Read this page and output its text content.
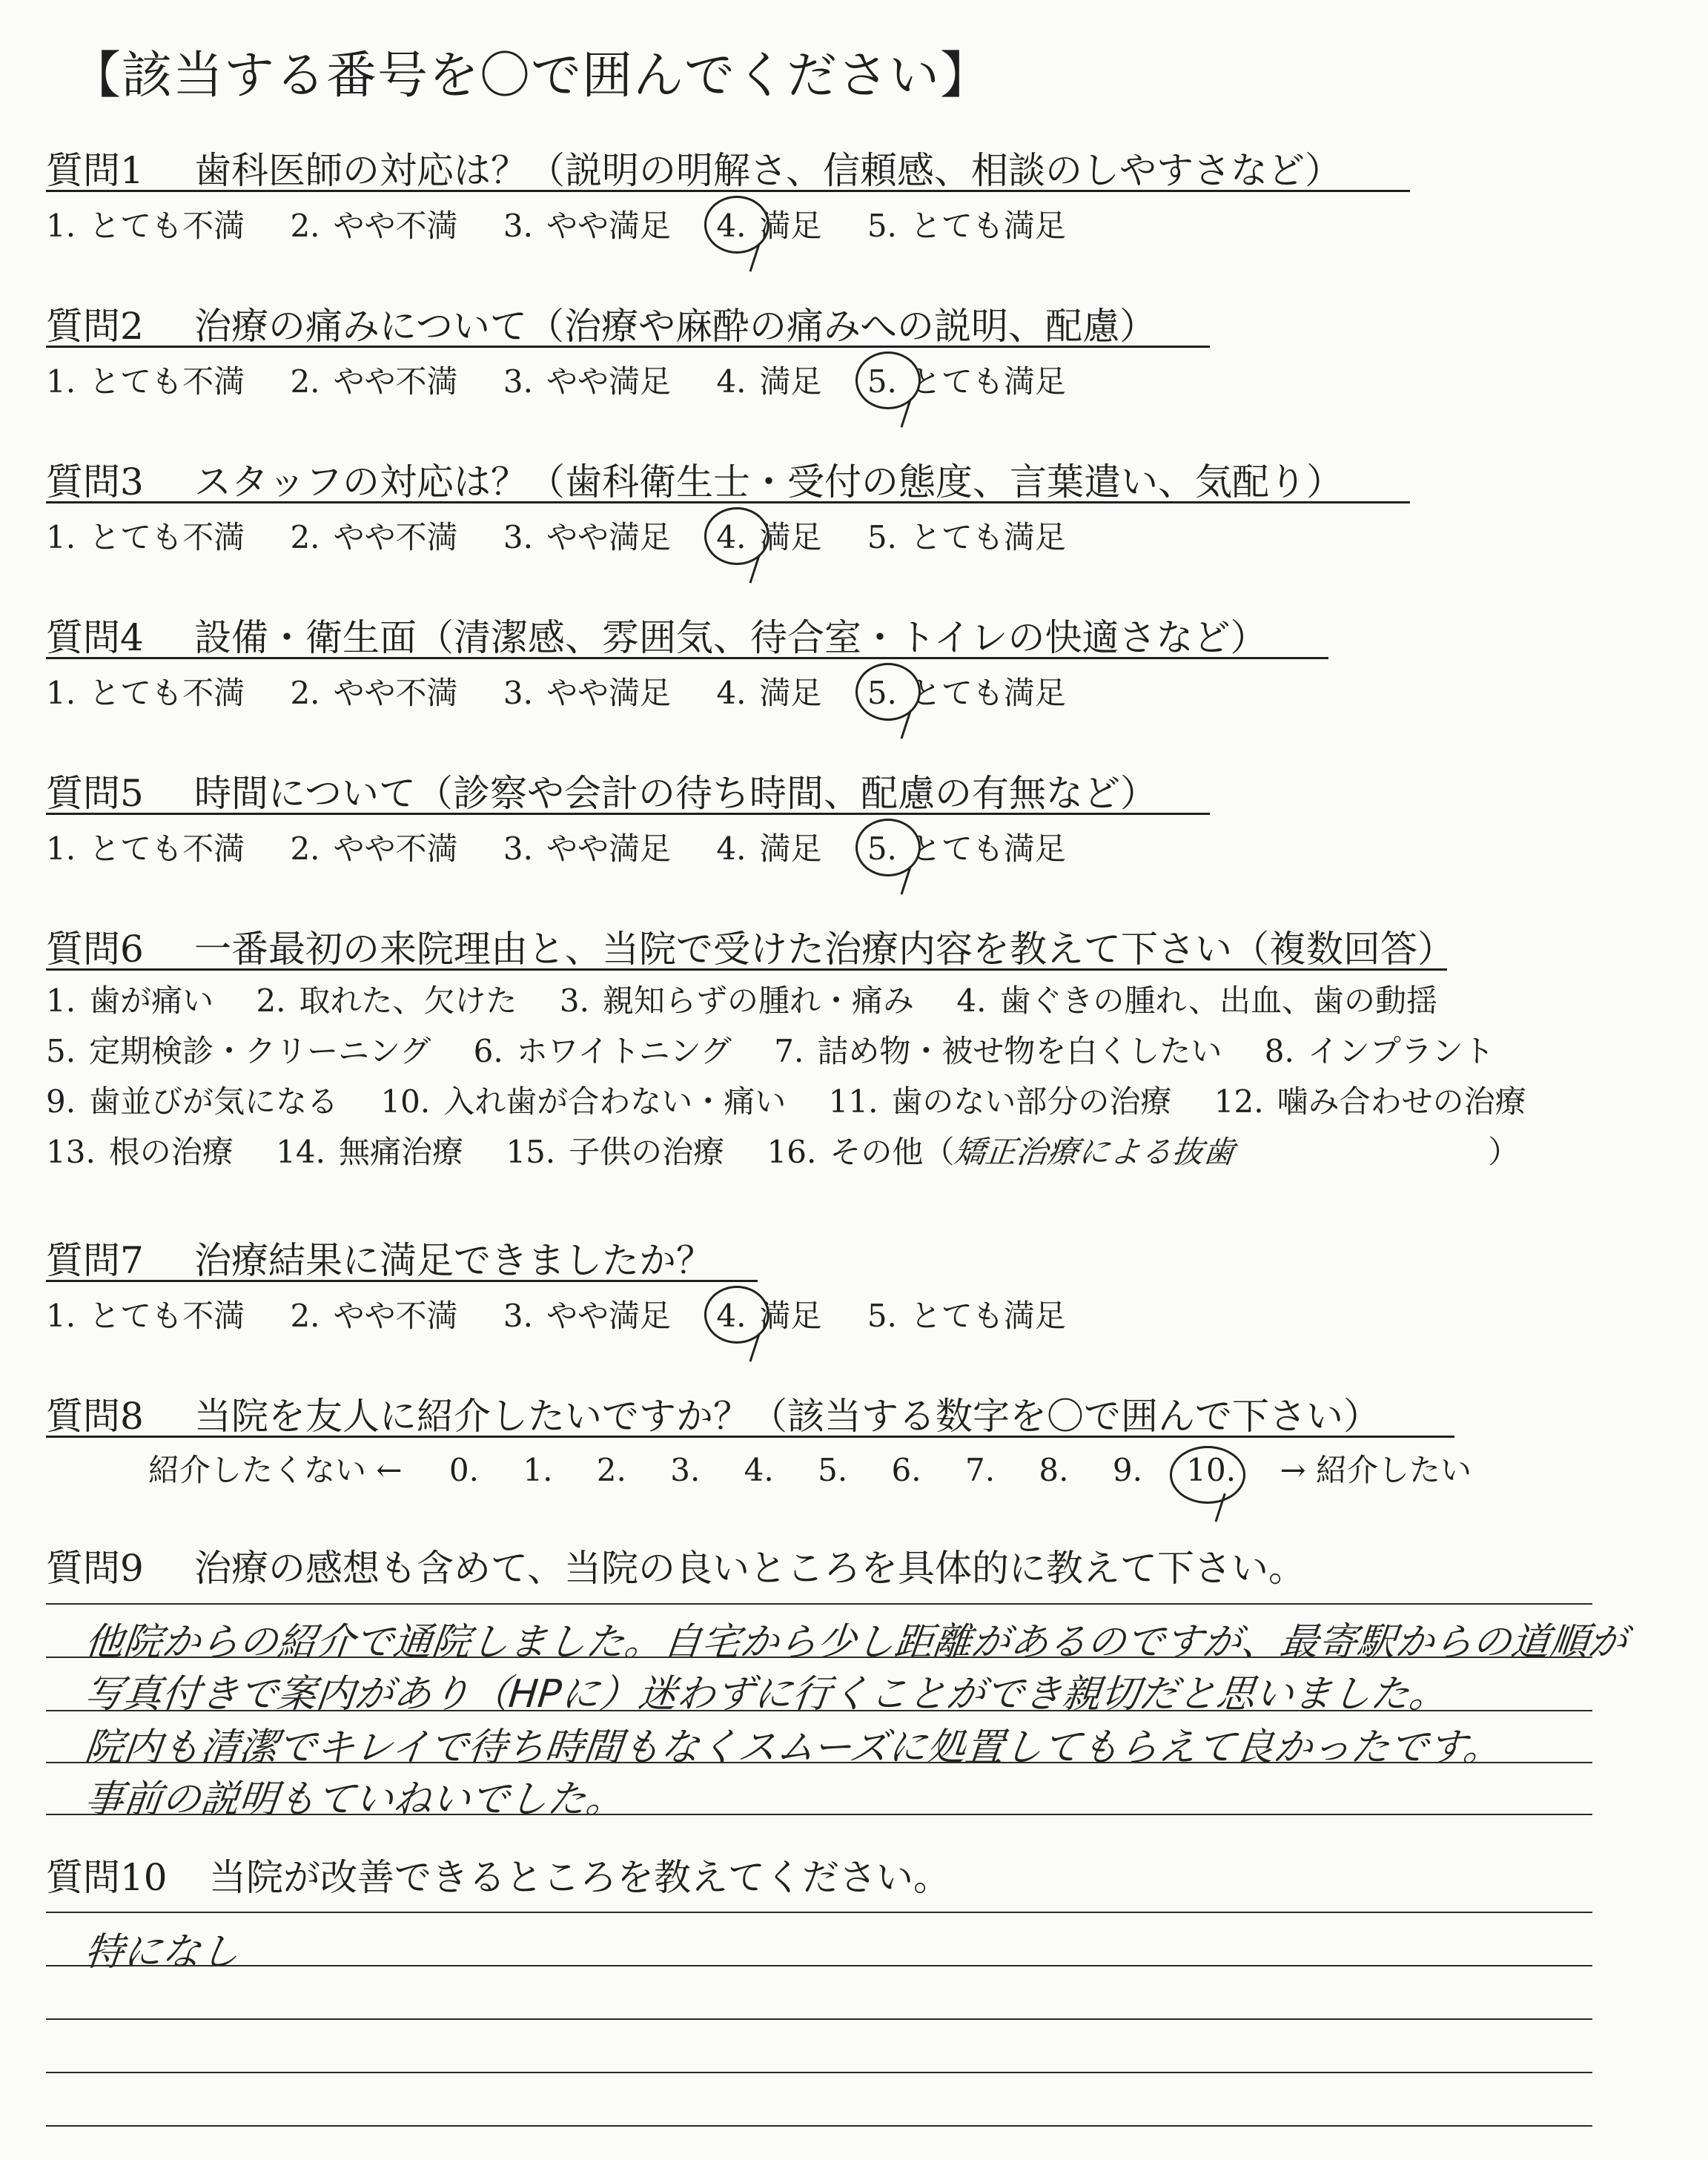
【該当する番号を〇で囲んでください】
質問1 歯科医師の対応は？（説明の明解さ、信頼感、相談のしやすさなど）
1. とても不満 2. やや不満 3. やや満足 4. 満足 5. とても満足
質問2 治療の痛みについて（治療や麻酔の痛みへの説明、配慮）
1. とても不満 2. やや不満 3. やや満足 4. 満足 5. とても満足
質問3 スタッフの対応は？（歯科衛生士・受付の態度、言葉遣い、気配り）
1. とても不満 2. やや不満 3. やや満足 4. 満足 5. とても満足
質問4 設備・衛生面（清潔感、雰囲気、待合室・トイレの快適さなど）
1. とても不満 2. やや不満 3. やや満足 4. 満足 5. とても満足
質問5 時間について（診察や会計の待ち時間、配慮の有無など）
1. とても不満 2. やや不満 3. やや満足 4. 満足 5. とても満足
質問6 一番最初の来院理由と、当院で受けた治療内容を教えて下さい（複数回答）
1. 歯が痛い 2. 取れた、欠けた 3. 親知らずの腫れ・痛み 4. 歯ぐきの腫れ、出血、歯の動揺
5. 定期検診・クリーニング 6. ホワイトニング 7. 詰め物・被せ物を白くしたい 8. インプラント
9. 歯並びが気になる 10. 入れ歯が合わない・痛い 11. 歯のない部分の治療 12. 噛み合わせの治療
13. 根の治療 14. 無痛治療 15. 子供の治療 16. その他（矯正治療による抜歯	）
質問7 治療結果に満足できましたか？
1. とても不満 2. やや不満 3. やや満足 4. 満足 5. とても満足
質問8 当院を友人に紹介したいですか？（該当する数字を〇で囲んで下さい）
紹介したくない ← 0. 1. 2. 3. 4. 5. 6. 7. 8. 9. 10. → 紹介したい
質問9 治療の感想も含めて、当院の良いところを具体的に教えて下さい。
他院からの紹介で通院しました。自宅から少し距離があるのですが、最寄駅からの道順が
写真付きで案内があり（HPに）迷わずに行くことができ親切だと思いました。
院内も清潔でキレイで待ち時間もなくスムーズに処置してもらえて良かったです。
事前の説明もていねいでした。
質問10 当院が改善できるところを教えてください。
特になし
